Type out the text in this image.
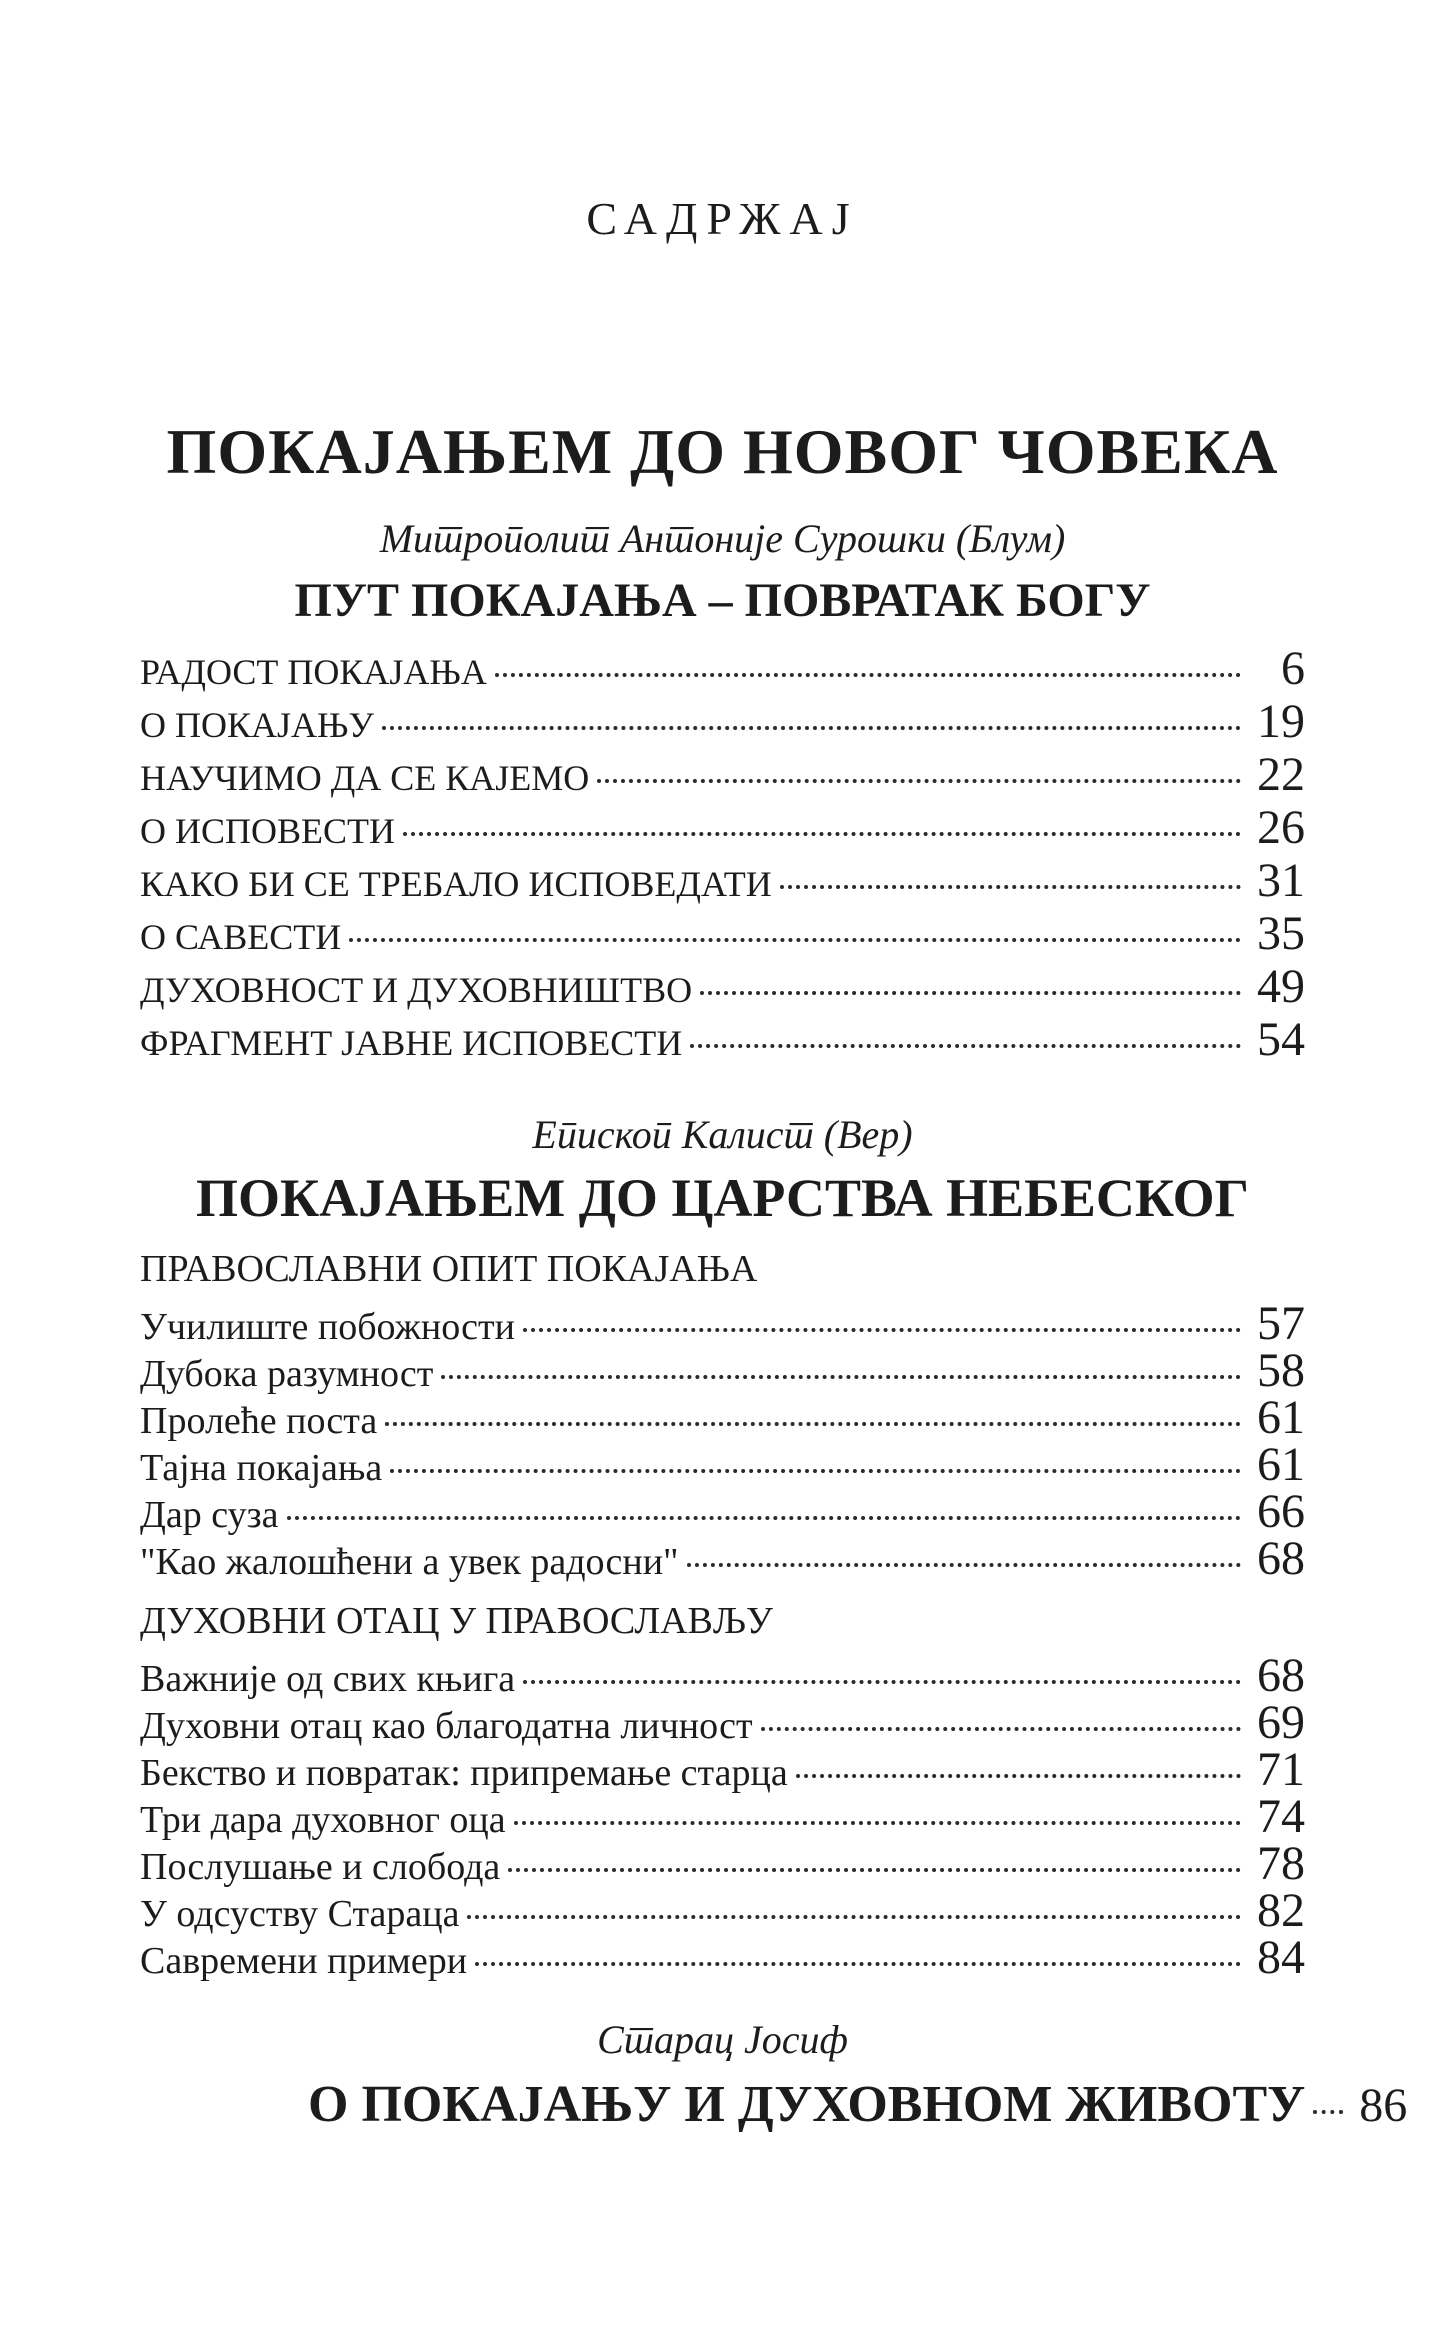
САДРЖАЈ
ПОКАЈАЊЕМ ДО НОВОГ ЧОВЕКА

Митрополит Антоније Сурошки (Блум)

ПУТ ПОКАЈАЊА – ПОВРАТАК БОГУ
РАДОСТ ПОКАЈАЊА	6
О ПОКАЈАЊУ	19
НАУЧИМО ДА СЕ КАЈЕМО	22
О ИСПОВЕСТИ	26
КАКО БИ СЕ ТРЕБАЛО ИСПОВЕДАТИ	31
О САВЕСТИ	35
ДУХОВНОСТ И ДУХОВНИШТВО	49
ФРАГМЕНТ ЈАВНЕ ИСПОВЕСТИ	54

Епископ Калист (Вер)

ПОКАЈАЊЕМ ДО ЦАРСТВА НЕБЕСКОГ
ПРАВОСЛАВНИ ОПИТ ПОКАЈАЊА
Училиште побожности	57
Дубока разумност	58
Пролеће поста	61
Тајна покајања	61
Дар суза	66
"Као жалошћени а увек радосни"	68
ДУХОВНИ ОТАЦ У ПРАВОСЛАВЉУ
Важније од свих књига	68
Духовни отац као благодатна личност	69
Бекство и повратак: припремање старца	71
Три дара духовног оца	74
Послушање и слобода	78
У одсуству Стараца	82
Савремени примери	84

Старац Јосиф

О ПОКАЈАЊУ И ДУХОВНОМ ЖИВОТУ 86
